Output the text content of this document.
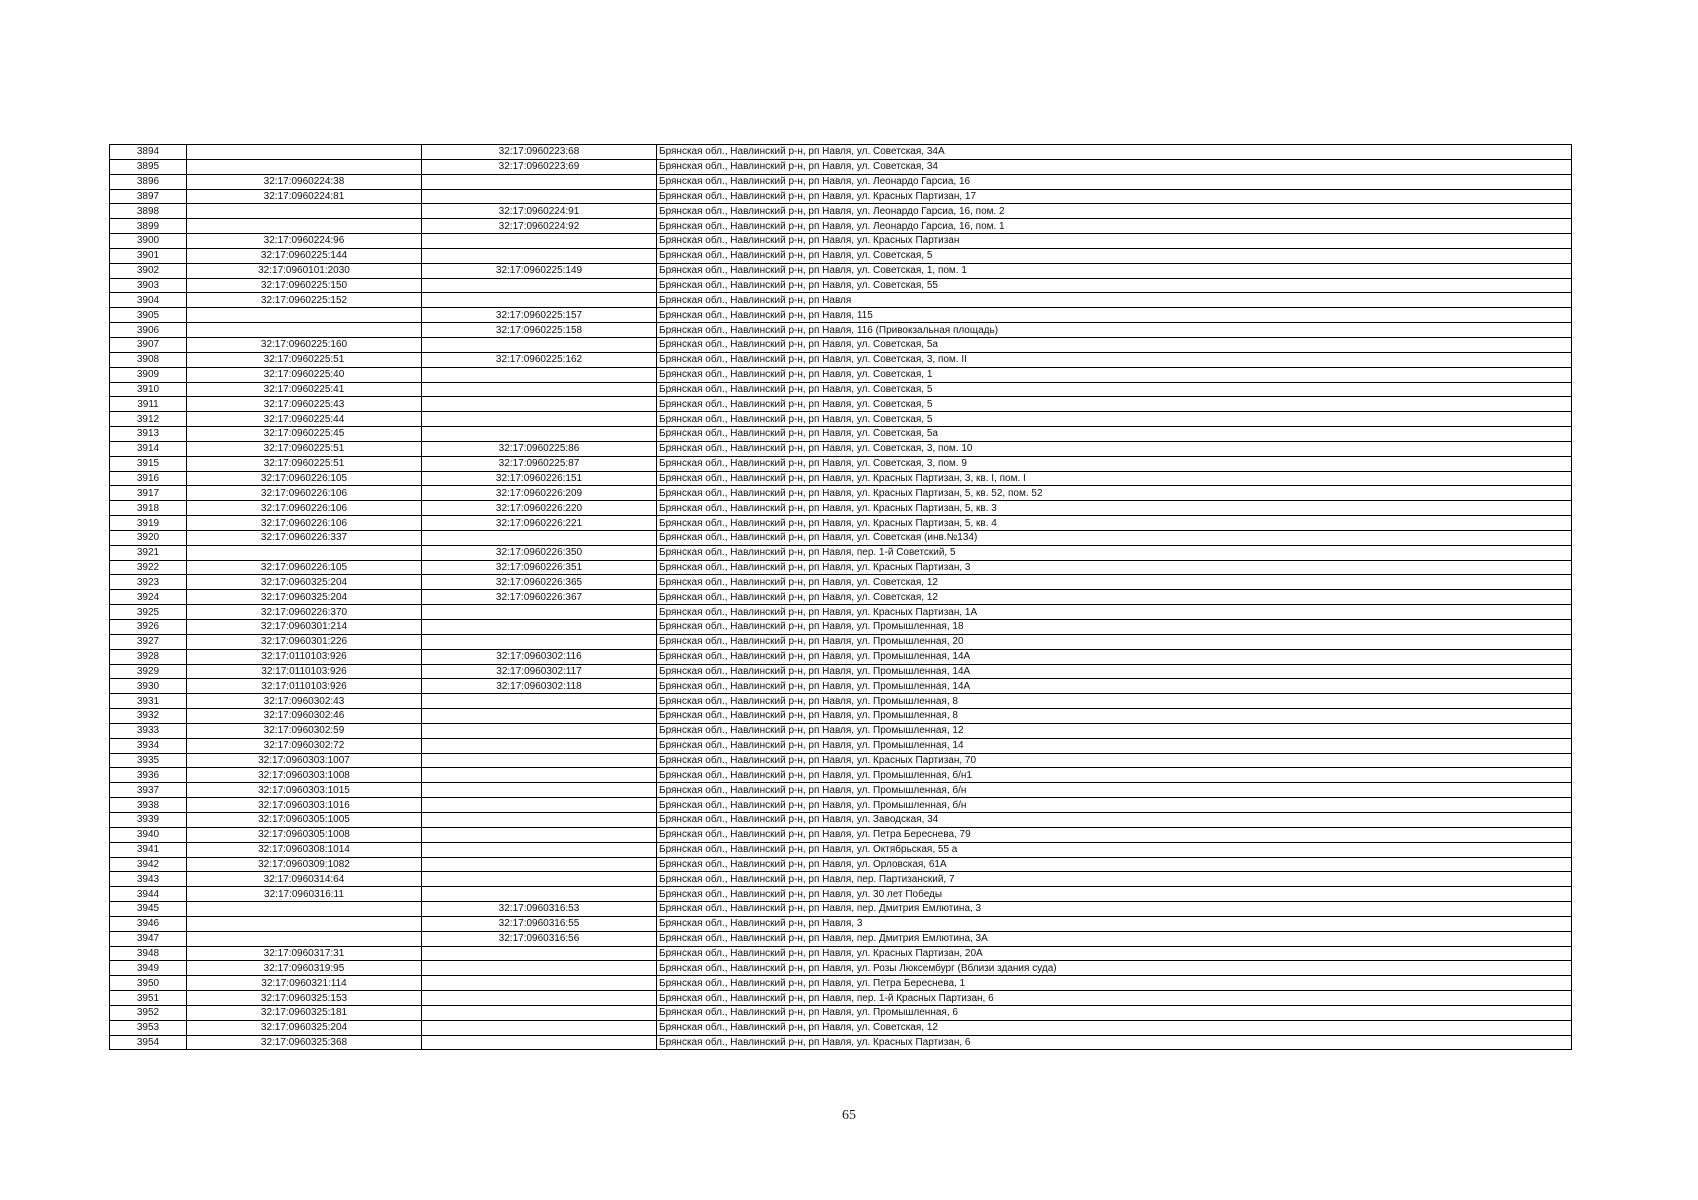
3894		32:17:0960223:68	Брянская обл., Навлинский р-н, рп Навля, ул. Советская, 34А
3895		32:17:0960223:69	Брянская обл., Навлинский р-н, рп Навля, ул. Советская, 34
3896	32:17:0960224:38		Брянская обл., Навлинский р-н, рп Навля, ул. Леонардо Гарсиа, 16
3897	32:17:0960224:81		Брянская обл., Навлинский р-н, рп Навля, ул. Красных Партизан, 17
3898		32:17:0960224:91	Брянская обл., Навлинский р-н, рп Навля, ул. Леонардо Гарсиа, 16, пом. 2
3899		32:17:0960224:92	Брянская обл., Навлинский р-н, рп Навля, ул. Леонардо Гарсиа, 16, пом. 1
3900	32:17:0960224:96		Брянская обл., Навлинский р-н, рп Навля, ул. Красных Партизан
3901	32:17:0960225:144		Брянская обл., Навлинский р-н, рп Навля, ул. Советская, 5
3902	32:17:0960101:2030	32:17:0960225:149	Брянская обл., Навлинский р-н, рп Навля, ул. Советская, 1, пом. 1
3903	32:17:0960225:150		Брянская обл., Навлинский р-н, рп Навля, ул. Советская, 55
3904	32:17:0960225:152		Брянская обл., Навлинский р-н, рп Навля
3905		32:17:0960225:157	Брянская обл., Навлинский р-н, рп Навля, 115
3906		32:17:0960225:158	Брянская обл., Навлинский р-н, рп Навля, 116 (Привокзальная площадь)
3907	32:17:0960225:160		Брянская обл., Навлинский р-н, рп Навля, ул. Советская, 5а
3908	32:17:0960225:51	32:17:0960225:162	Брянская обл., Навлинский р-н, рп Навля, ул. Советская, 3, пом. II
3909	32:17:0960225:40		Брянская обл., Навлинский р-н, рп Навля, ул. Советская, 1
3910	32:17:0960225:41		Брянская обл., Навлинский р-н, рп Навля, ул. Советская, 5
3911	32:17:0960225:43		Брянская обл., Навлинский р-н, рп Навля, ул. Советская, 5
3912	32:17:0960225:44		Брянская обл., Навлинский р-н, рп Навля, ул. Советская, 5
3913	32:17:0960225:45		Брянская обл., Навлинский р-н, рп Навля, ул. Советская, 5а
3914	32:17:0960225:51	32:17:0960225:86	Брянская обл., Навлинский р-н, рп Навля, ул. Советская, 3, пом. 10
3915	32:17:0960225:51	32:17:0960225:87	Брянская обл., Навлинский р-н, рп Навля, ул. Советская, 3, пом. 9
3916	32:17:0960226:105	32:17:0960226:151	Брянская обл., Навлинский р-н, рп Навля, ул. Красных Партизан, 3, кв. I, пом. I
3917	32:17:0960226:106	32:17:0960226:209	Брянская обл., Навлинский р-н, рп Навля, ул. Красных Партизан, 5, кв. 52, пом. 52
3918	32:17:0960226:106	32:17:0960226:220	Брянская обл., Навлинский р-н, рп Навля, ул. Красных Партизан, 5, кв. 3
3919	32:17:0960226:106	32:17:0960226:221	Брянская обл., Навлинский р-н, рп Навля, ул. Красных Партизан, 5, кв. 4
3920	32:17:0960226:337		Брянская обл., Навлинский р-н, рп Навля, ул. Советская (инв.№134)
3921		32:17:0960226:350	Брянская обл., Навлинский р-н, рп Навля, пер. 1-й Советский, 5
3922	32:17:0960226:105	32:17:0960226:351	Брянская обл., Навлинский р-н, рп Навля, ул. Красных Партизан, 3
3923	32:17:0960325:204	32:17:0960226:365	Брянская обл., Навлинский р-н, рп Навля, ул. Советская, 12
3924	32:17:0960325:204	32:17:0960226:367	Брянская обл., Навлинский р-н, рп Навля, ул. Советская, 12
3925	32:17:0960226:370		Брянская обл., Навлинский р-н, рп Навля, ул. Красных Партизан, 1А
3926	32:17:0960301:214		Брянская обл., Навлинский р-н, рп Навля, ул. Промышленная, 18
3927	32:17:0960301:226		Брянская обл., Навлинский р-н, рп Навля, ул. Промышленная, 20
3928	32:17:0110103:926	32:17:0960302:116	Брянская обл., Навлинский р-н, рп Навля, ул. Промышленная, 14А
3929	32:17:0110103:926	32:17:0960302:117	Брянская обл., Навлинский р-н, рп Навля, ул. Промышленная, 14А
3930	32:17:0110103:926	32:17:0960302:118	Брянская обл., Навлинский р-н, рп Навля, ул. Промышленная, 14А
3931	32:17:0960302:43		Брянская обл., Навлинский р-н, рп Навля, ул. Промышленная, 8
3932	32:17:0960302:46		Брянская обл., Навлинский р-н, рп Навля, ул. Промышленная, 8
3933	32:17:0960302:59		Брянская обл., Навлинский р-н, рп Навля, ул. Промышленная, 12
3934	32:17:0960302:72		Брянская обл., Навлинский р-н, рп Навля, ул. Промышленная, 14
3935	32:17:0960303:1007		Брянская обл., Навлинский р-н, рп Навля, ул. Красных Партизан, 70
3936	32:17:0960303:1008		Брянская обл., Навлинский р-н, рп Навля, ул. Промышленная, б/н1
3937	32:17:0960303:1015		Брянская обл., Навлинский р-н, рп Навля, ул. Промышленная, б/н
3938	32:17:0960303:1016		Брянская обл., Навлинский р-н, рп Навля, ул. Промышленная, б/н
3939	32:17:0960305:1005		Брянская обл., Навлинский р-н, рп Навля, ул. Заводская, 34
3940	32:17:0960305:1008		Брянская обл., Навлинский р-н, рп Навля, ул. Петра Береснева, 79
3941	32:17:0960308:1014		Брянская обл., Навлинский р-н, рп Навля, ул. Октябрьская, 55 а
3942	32:17:0960309:1082		Брянская обл., Навлинский р-н, рп Навля, ул. Орловская, 61А
3943	32:17:0960314:64		Брянская обл., Навлинский р-н, рп Навля, пер. Партизанский, 7
3944	32:17:0960316:11		Брянская обл., Навлинский р-н, рп Навля, ул. 30 лет Победы
3945		32:17:0960316:53	Брянская обл., Навлинский р-н, рп Навля, пер. Дмитрия Емлютина, 3
3946		32:17:0960316:55	Брянская обл., Навлинский р-н, рп Навля, 3
3947		32:17:0960316:56	Брянская обл., Навлинский р-н, рп Навля, пер. Дмитрия Емлютина, 3А
3948	32:17:0960317:31		Брянская обл., Навлинский р-н, рп Навля, ул. Красных Партизан, 20А
3949	32:17:0960319:95		Брянская обл., Навлинский р-н, рп Навля, ул. Розы Люксембург (Вблизи здания суда)
3950	32:17:0960321:114		Брянская обл., Навлинский р-н, рп Навля, ул. Петра Береснева, 1
3951	32:17:0960325:153		Брянская обл., Навлинский р-н, рп Навля, пер. 1-й Красных Партизан, 6
3952	32:17:0960325:181		Брянская обл., Навлинский р-н, рп Навля, ул. Промышленная, 6
3953	32:17:0960325:204		Брянская обл., Навлинский р-н, рп Навля, ул. Советская, 12
3954	32:17:0960325:368		Брянская обл., Навлинский р-н, рп Навля, ул. Красных Партизан, 6
65
